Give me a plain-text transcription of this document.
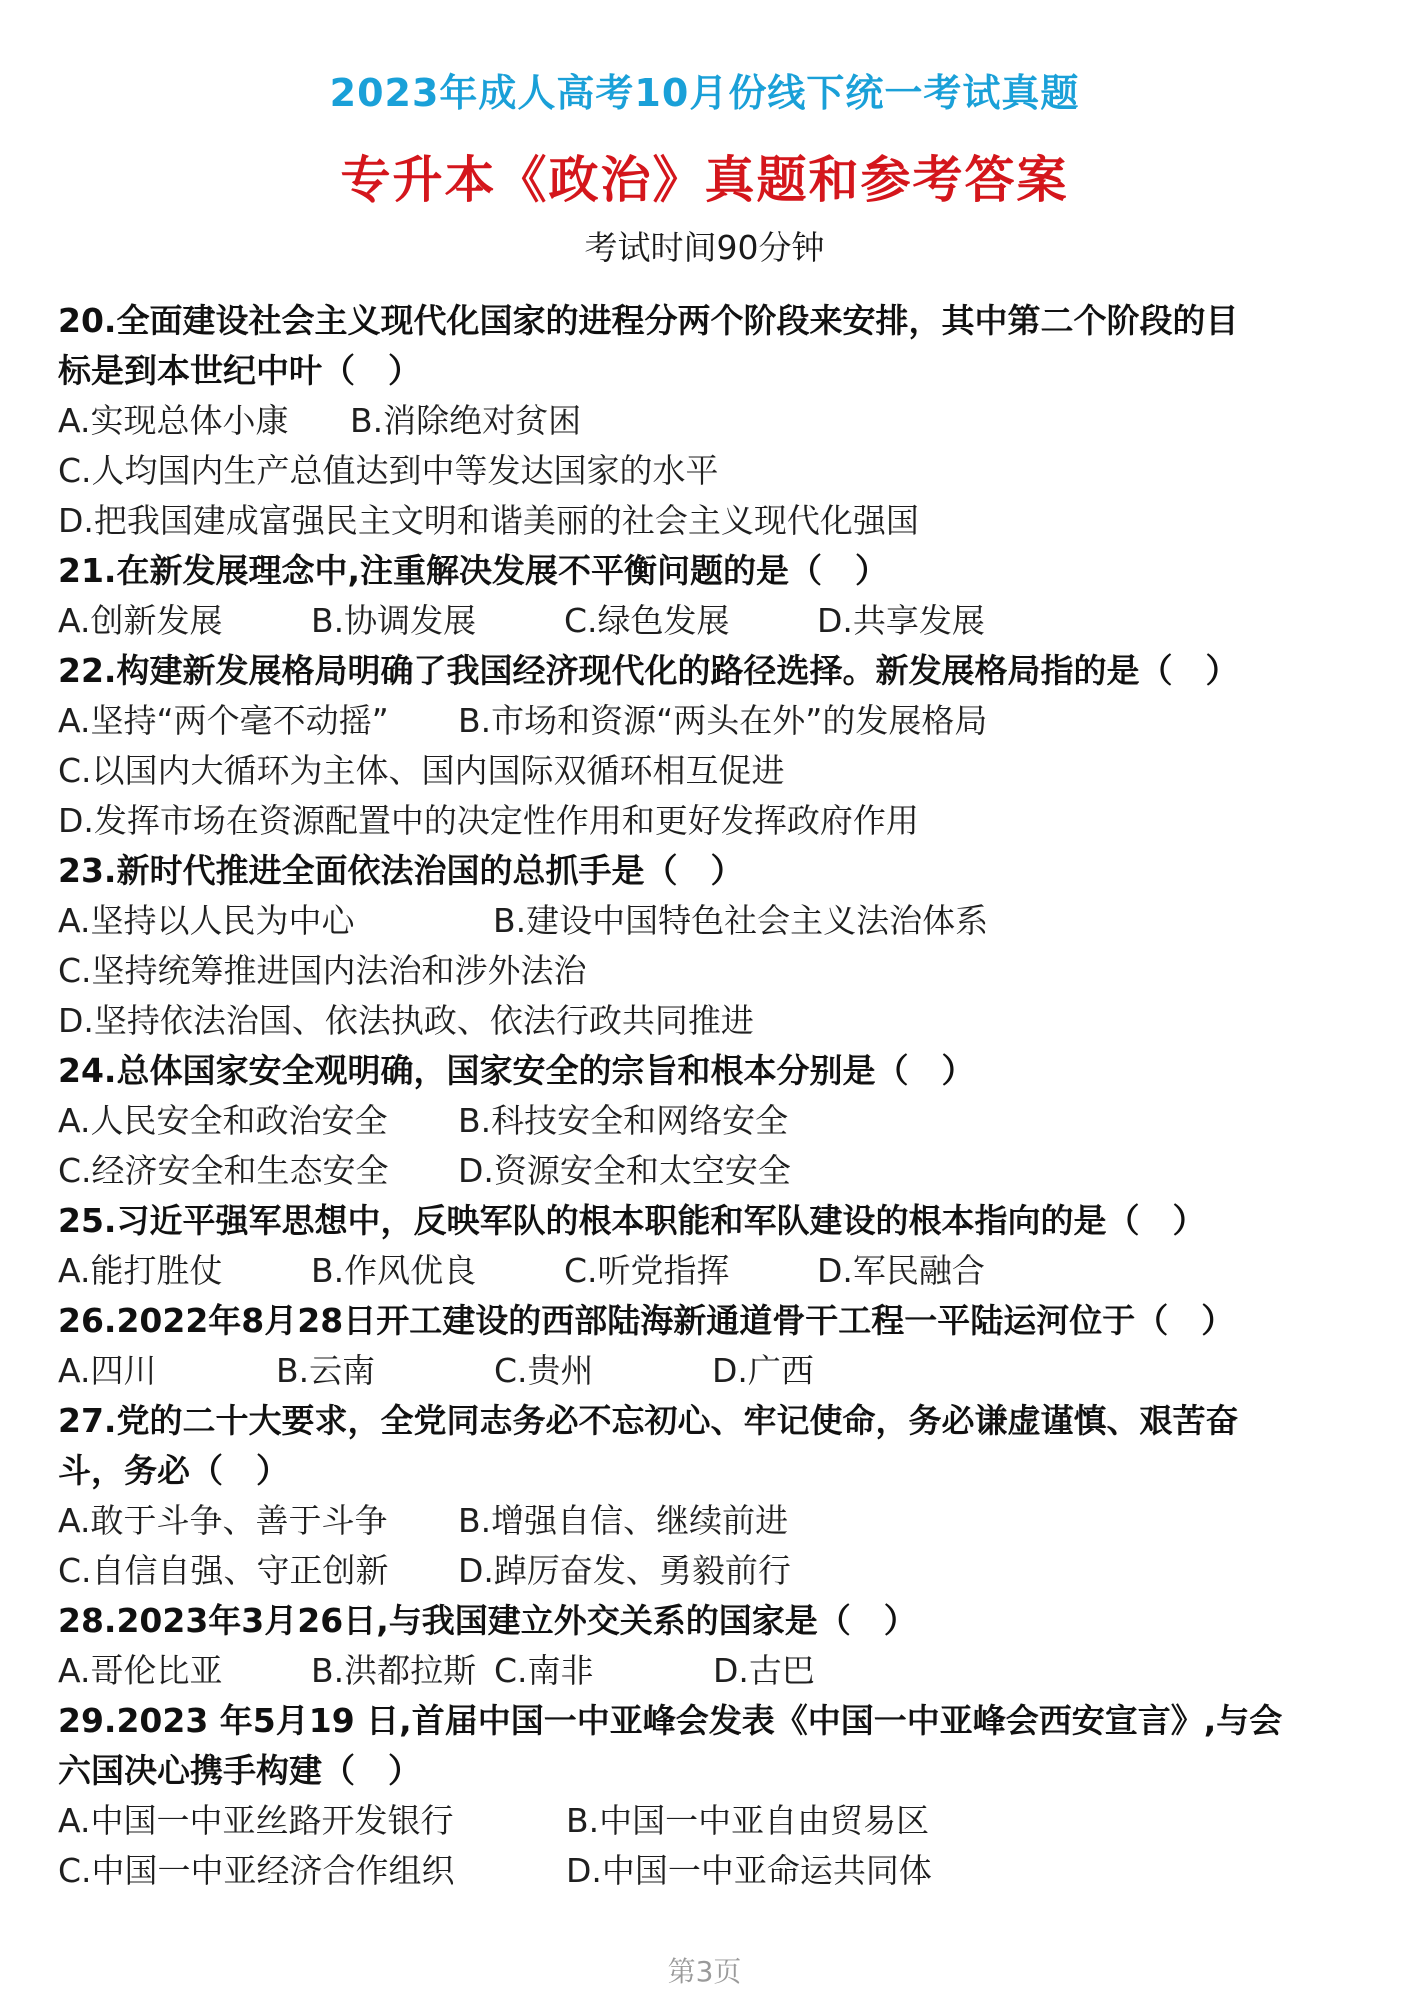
2023年成人高考10月份线下统一考试真题
专升本《政治》真题和参考答案
考试时间90分钟
20.全面建设社会主义现代化国家的进程分两个阶段来安排，其中第二个阶段的目
标是到本世纪中叶（　）
A.实现总体小康 B.消除绝对贫困
C.人均国内生产总值达到中等发达国家的水平
D.把我国建成富强民主文明和谐美丽的社会主义现代化强国
21.在新发展理念中,注重解决发展不平衡问题的是（　）
A.创新发展	B.协调发展	C.绿色发展	D.共享发展
22.构建新发展格局明确了我国经济现代化的路径选择。新发展格局指的是（　）
A.坚持“两个毫不动摇” B.市场和资源“两头在外”的发展格局
C.以国内大循环为主体、国内国际双循环相互促进
D.发挥市场在资源配置中的决定性作用和更好发挥政府作用
23.新时代推进全面依法治国的总抓手是（　）
A.坚持以人民为中心	B.建设中国特色社会主义法治体系
C.坚持统筹推进国内法治和涉外法治
D.坚持依法治国、依法执政、依法行政共同推进
24.总体国家安全观明确，国家安全的宗旨和根本分别是（　）
A.人民安全和政治安全 B.科技安全和网络安全
C.经济安全和生态安全 D.资源安全和太空安全
25.习近平强军思想中，反映军队的根本职能和军队建设的根本指向的是（　）
A.能打胜仗	B.作风优良	C.听党指挥	D.军民融合
26.2022年8月28日开工建设的西部陆海新通道骨干工程一平陆运河位于（　）
A.四川	B.云南	C.贵州	D.广西
27.党的二十大要求，全党同志务必不忘初心、牢记使命，务必谦虚谨慎、艰苦奋
斗，务必（　）
A.敢于斗争、善于斗争 B.增强自信、继续前进
C.自信自强、守正创新 D.踔厉奋发、勇毅前行
28.2023年3月26日,与我国建立外交关系的国家是（　）
A.哥伦比亚	B.洪都拉斯 C.南非	D.古巴
29.2023 年5月19 日,首届中国一中亚峰会发表《中国一中亚峰会西安宣言》,与会
六国决心携手构建（　）
A.中国一中亚丝路开发银行	B.中国一中亚自由贸易区
C.中国一中亚经济合作组织	D.中国一中亚命运共同体
第3页
